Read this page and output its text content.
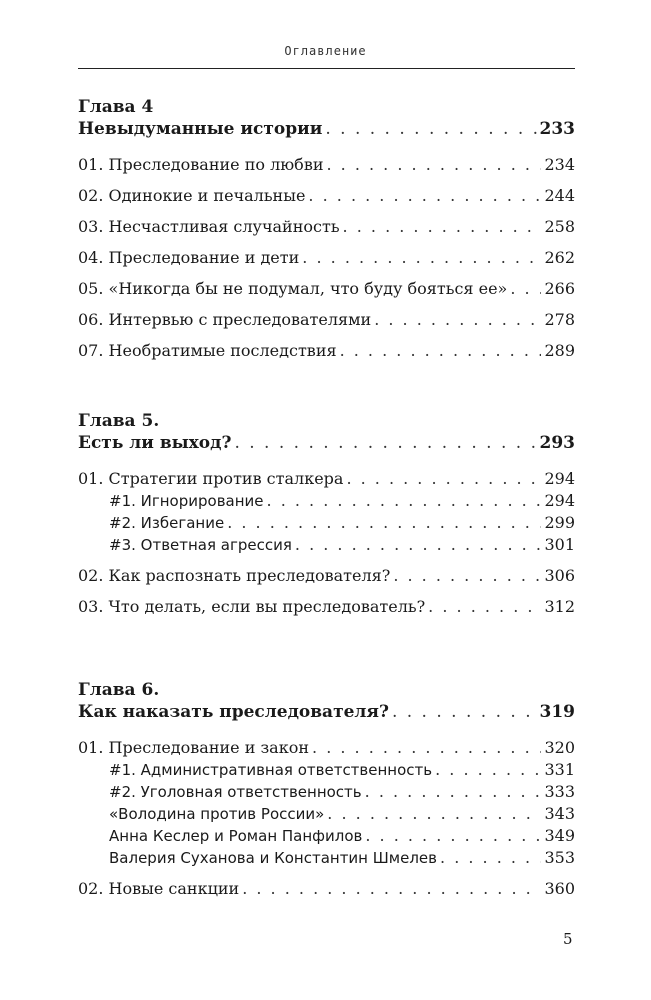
Оглавление
Глава 4
Невыдуманные истории . . .	233
01. Преследование по любви . . .	234
02. Одинокие и печальные . . .	244
03. Несчастливая случайность . . .	258
04. Преследование и дети . . .	262
05. «Никогда бы не подумал, что буду бояться ее» . . . 266
06. Интервью с преследователями . . .	278
07. Необратимые последствия . . .	289
Глава 5.
Есть ли выход? . . .	293
01. Стратегии против сталкера . . .	294
#1. Игнорирование . . .	294
#2. Избегание . . .	299
#3. Ответная агрессия . . .	301
02. Как распознать преследователя? . . .	306
03. Что делать, если вы преследователь? . . .	312
Глава 6.
Как наказать преследователя? . . .	319
01. Преследование и закон . . .	320
#1. Административная ответственность . . .	331
#2. Уголовная ответственность . . .	333
«Володина против России» . . .	343
Анна Кеслер и Роман Панфилов . . .	349
Валерия Суханова и Константин Шмелев . . .	353
02. Новые санкции . . .	360
5
